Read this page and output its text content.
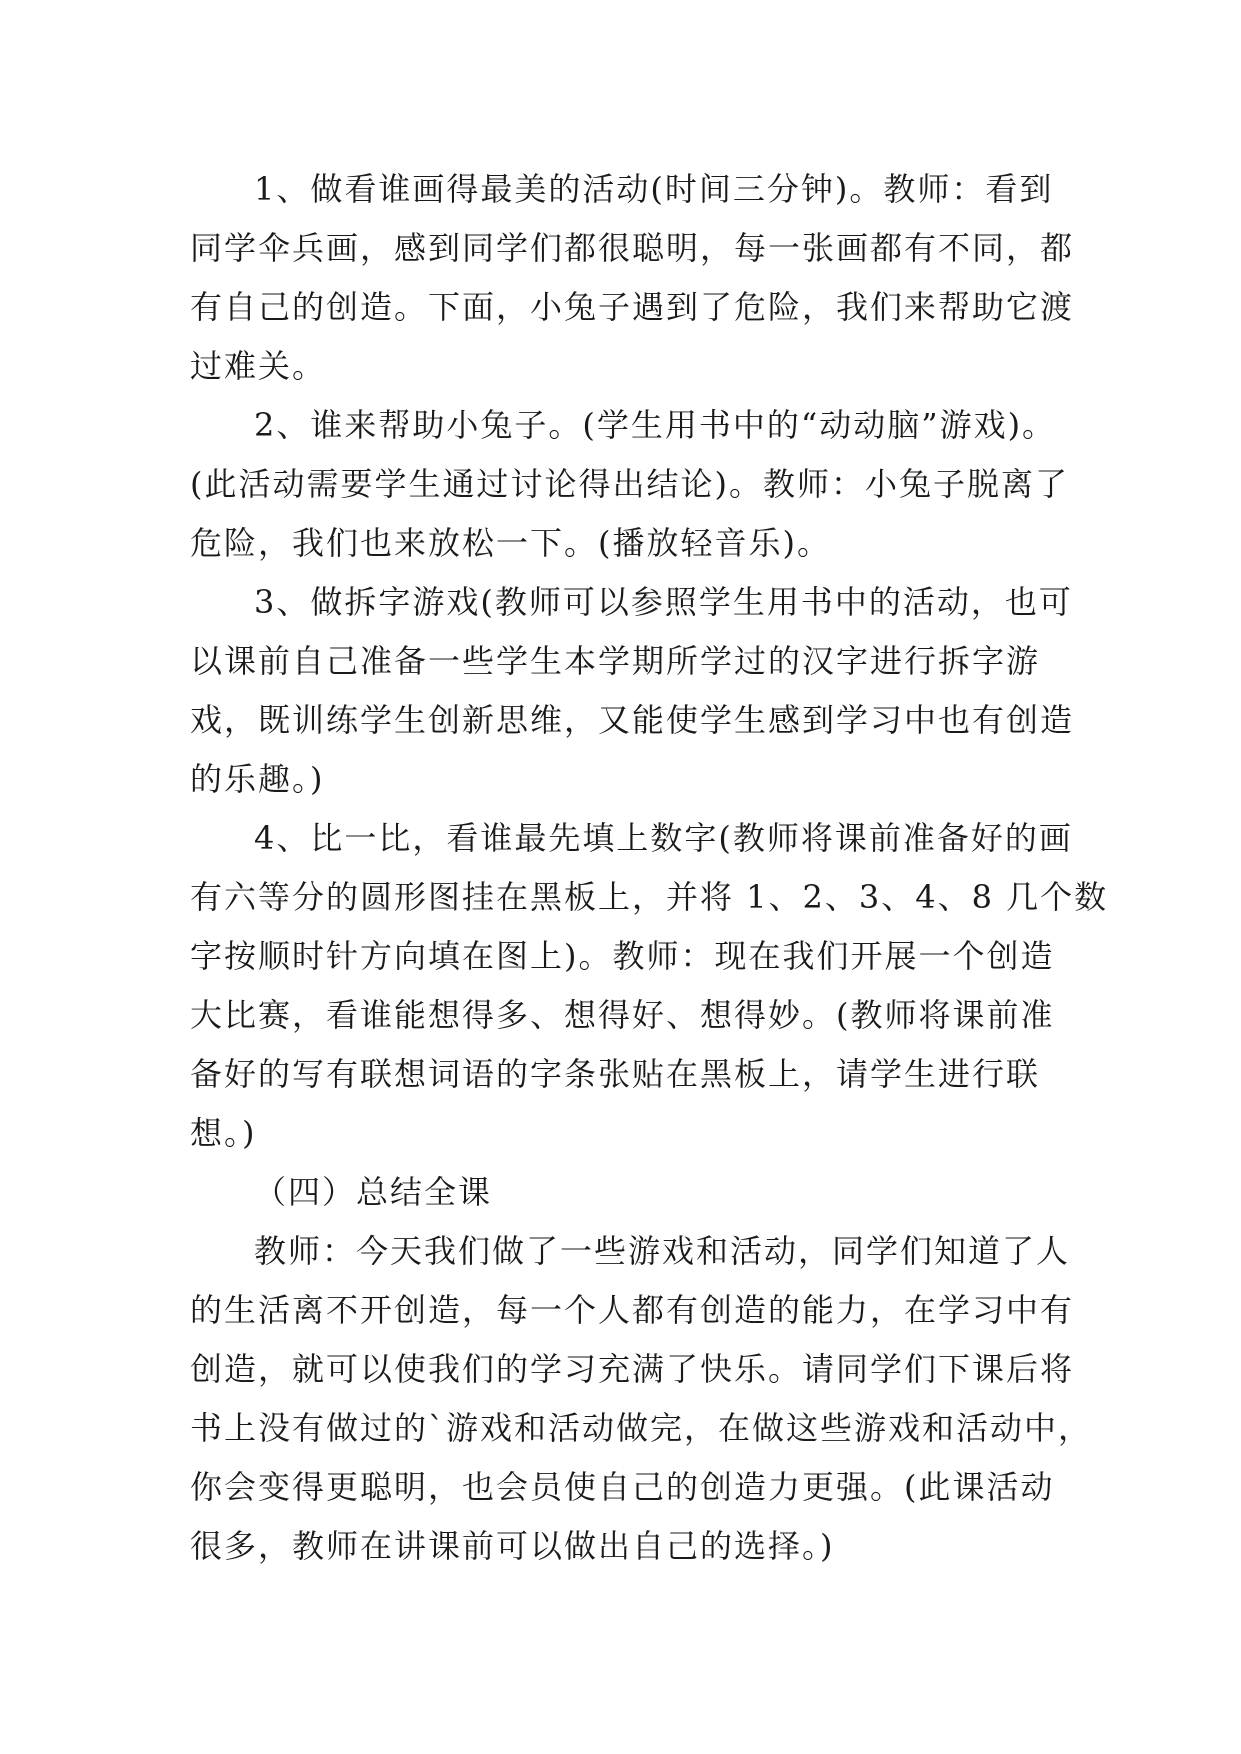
1、做看谁画得最美的活动(时间三分钟)。教师：看到
同学伞兵画，感到同学们都很聪明，每一张画都有不同，都
有自己的创造。下面，小兔子遇到了危险，我们来帮助它渡
过难关。
2、谁来帮助小兔子。(学生用书中的“动动脑”游戏)。
(此活动需要学生通过讨论得出结论)。教师：小兔子脱离了
危险，我们也来放松一下。(播放轻音乐)。
3、做拆字游戏(教师可以参照学生用书中的活动，也可
以课前自己准备一些学生本学期所学过的汉字进行拆字游
戏，既训练学生创新思维，又能使学生感到学习中也有创造
的乐趣。)
4、比一比，看谁最先填上数字(教师将课前准备好的画
有六等分的圆形图挂在黑板上，并将 1、2、3、4、8 几个数
字按顺时针方向填在图上)。教师：现在我们开展一个创造
大比赛，看谁能想得多、想得好、想得妙。(教师将课前准
备好的写有联想词语的字条张贴在黑板上，请学生进行联
想。)
（四）总结全课
教师：今天我们做了一些游戏和活动，同学们知道了人
的生活离不开创造，每一个人都有创造的能力，在学习中有
创造，就可以使我们的学习充满了快乐。请同学们下课后将
书上没有做过的`游戏和活动做完，在做这些游戏和活动中，
你会变得更聪明，也会员使自己的创造力更强。(此课活动
很多，教师在讲课前可以做出自己的选择。)
